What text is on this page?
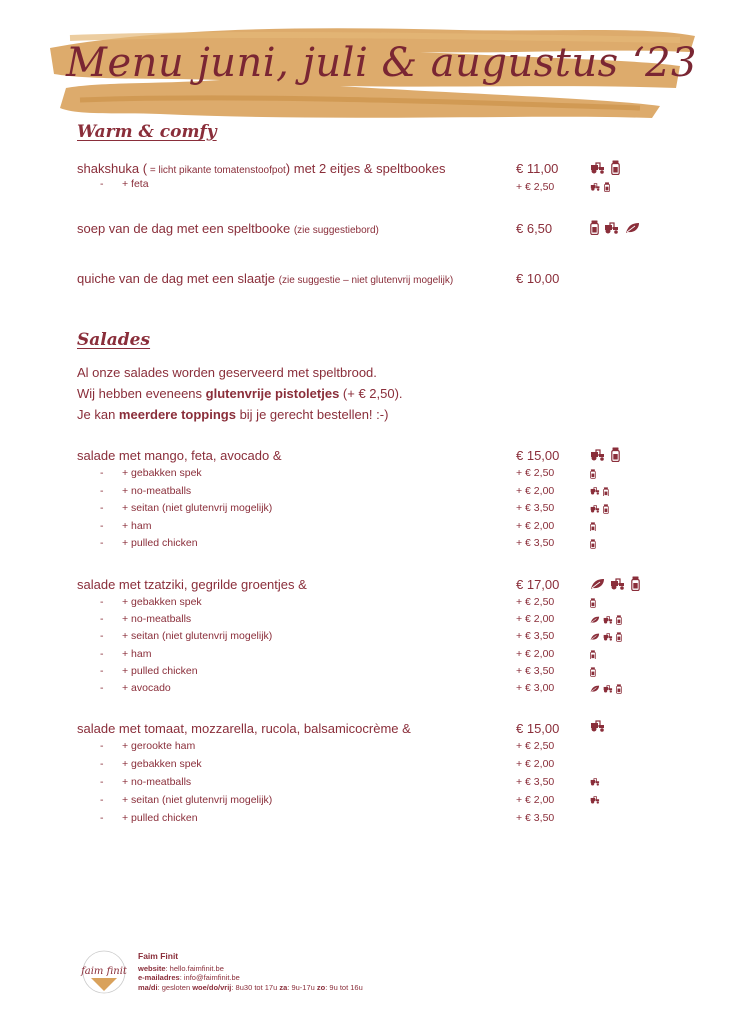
Menu juni, juli & augustus ‘23
Warm & comfy
shakshuka ( = licht pikante tomatenstoofpot) met 2 eitjes & speltbookes	€ 11,00
- + feta	+ € 2,50
soep van de dag met een speltbooke (zie suggestiebord)	€ 6,50
quiche van de dag met een slaatje (zie suggestie – niet glutenvrij mogelijk)	€ 10,00
Salades

Al onze salades worden geserveerd met speltbrood.

Wij hebben eveneens glutenvrije pistoletjes (+ € 2,50).

Je kan meerdere toppings bij je gerecht bestellen! :-)

salade met mango, feta, avocado &	€ 15,00
- + gebakken spek	+ € 2,50
- + no-meatballs	+ € 2,00
- + seitan (niet glutenvrij mogelijk)	+ € 3,50
- + ham	+ € 2,00
- + pulled chicken	+ € 3,50
salade met tzatziki, gegrilde groentjes &	€ 17,00
- + gebakken spek	+ € 2,50
- + no-meatballs	+ € 2,00
- + seitan (niet glutenvrij mogelijk)	+ € 3,50
- + ham	+ € 2,00
- + pulled chicken	+ € 3,50
- + avocado	+ € 3,00
salade met tomaat, mozzarella, rucola, balsamicocrème &	€ 15,00
- + gerookte ham	+ € 2,50
- + gebakken spek	+ € 2,00
- + no-meatballs	+ € 3,50
- + seitan (niet glutenvrij mogelijk)	+ € 2,00
- + pulled chicken	+ € 3,50
faim finit
Faim Finit
website: hello.faimfinit.be
e-mailadres: info@faimfinit.be
ma/di: gesloten woe/do/vrij: 8u30 tot 17u za: 9u-17u zo: 9u tot 16u
